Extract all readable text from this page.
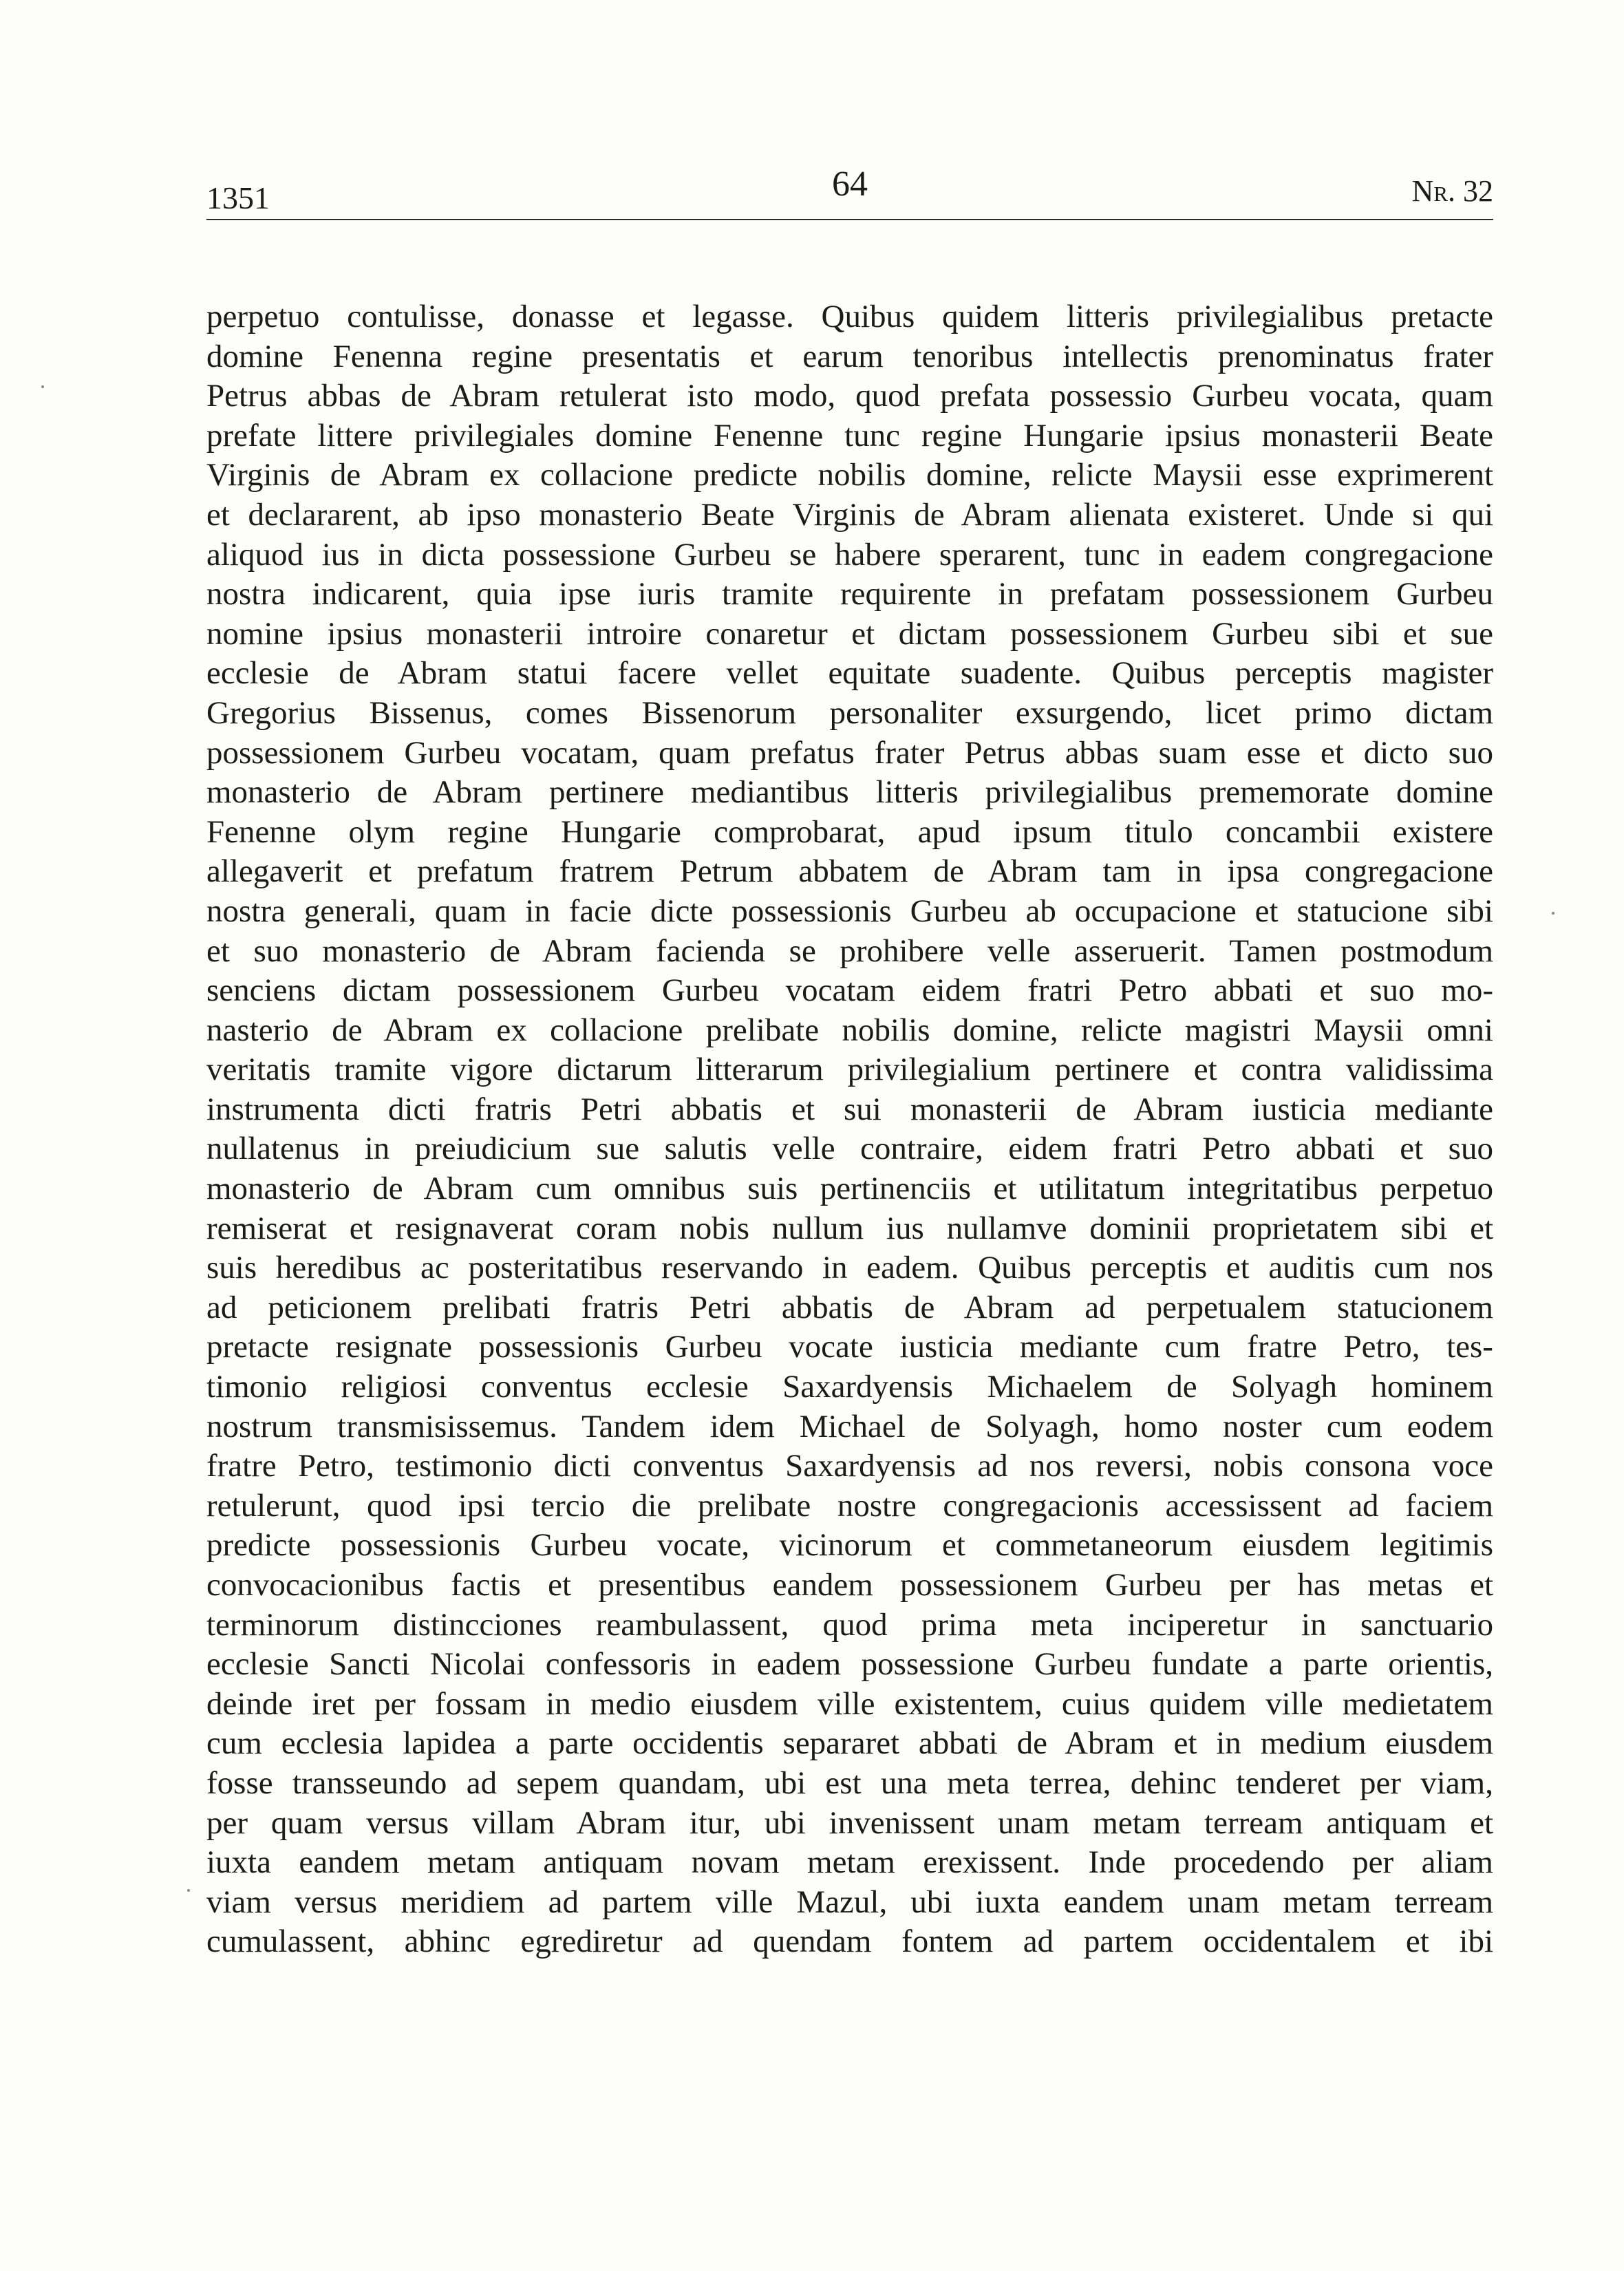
1351	64	Nr. 32
perpetuo contulisse, donasse et legasse. Quibus quidem litteris privilegialibus pretacte
domine Fenenna regine presentatis et earum tenoribus intellectis prenominatus frater
Petrus abbas de Abram retulerat isto modo, quod prefata possessio Gurbeu vocata, quam
prefate littere privilegiales domine Fenenne tunc regine Hungarie ipsius monasterii Beate
Virginis de Abram ex collacione predicte nobilis domine, relicte Maysii esse exprimerent
et declararent, ab ipso monasterio Beate Virginis de Abram alienata existeret. Unde si qui
aliquod ius in dicta possessione Gurbeu se habere sperarent, tunc in eadem congregacione
nostra indicarent, quia ipse iuris tramite requirente in prefatam possessionem Gurbeu
nomine ipsius monasterii introire conaretur et dictam possessionem Gurbeu sibi et sue
ecclesie de Abram statui facere vellet equitate suadente. Quibus perceptis magister
Gregorius Bissenus, comes Bissenorum personaliter exsurgendo, licet primo dictam
possessionem Gurbeu vocatam, quam prefatus frater Petrus abbas suam esse et dicto suo
monasterio de Abram pertinere mediantibus litteris privilegialibus prememorate domine
Fenenne olym regine Hungarie comprobarat, apud ipsum titulo concambii existere
allegaverit et prefatum fratrem Petrum abbatem de Abram tam in ipsa congregacione
nostra generali, quam in facie dicte possessionis Gurbeu ab occupacione et statucione sibi
et suo monasterio de Abram facienda se prohibere velle asseruerit. Tamen postmodum
senciens dictam possessionem Gurbeu vocatam eidem fratri Petro abbati et suo mo-
nasterio de Abram ex collacione prelibate nobilis domine, relicte magistri Maysii omni
veritatis tramite vigore dictarum litterarum privilegialium pertinere et contra validissima
instrumenta dicti fratris Petri abbatis et sui monasterii de Abram iusticia mediante
nullatenus in preiudicium sue salutis velle contraire, eidem fratri Petro abbati et suo
monasterio de Abram cum omnibus suis pertinenciis et utilitatum integritatibus perpetuo
remiserat et resignaverat coram nobis nullum ius nullamve dominii proprietatem sibi et
suis heredibus ac posteritatibus reservando in eadem. Quibus perceptis et auditis cum nos
ad peticionem prelibati fratris Petri abbatis de Abram ad perpetualem statucionem
pretacte resignate possessionis Gurbeu vocate iusticia mediante cum fratre Petro, tes-
timonio religiosi conventus ecclesie Saxardyensis Michaelem de Solyagh hominem
nostrum transmisissemus. Tandem idem Michael de Solyagh, homo noster cum eodem
fratre Petro, testimonio dicti conventus Saxardyensis ad nos reversi, nobis consona voce
retulerunt, quod ipsi tercio die prelibate nostre congregacionis accessissent ad faciem
predicte possessionis Gurbeu vocate, vicinorum et commetaneorum eiusdem legitimis
convocacionibus factis et presentibus eandem possessionem Gurbeu per has metas et
terminorum distincciones reambulassent, quod prima meta inciperetur in sanctuario
ecclesie Sancti Nicolai confessoris in eadem possessione Gurbeu fundate a parte orientis,
deinde iret per fossam in medio eiusdem ville existentem, cuius quidem ville medietatem
cum ecclesia lapidea a parte occidentis separaret abbati de Abram et in medium eiusdem
fosse transseundo ad sepem quandam, ubi est una meta terrea, dehinc tenderet per viam,
per quam versus villam Abram itur, ubi invenissent unam metam terream antiquam et
iuxta eandem metam antiquam novam metam erexissent. Inde procedendo per aliam
viam versus meridiem ad partem ville Mazul, ubi iuxta eandem unam metam terream
cumulassent, abhinc egrediretur ad quendam fontem ad partem occidentalem et ibi
